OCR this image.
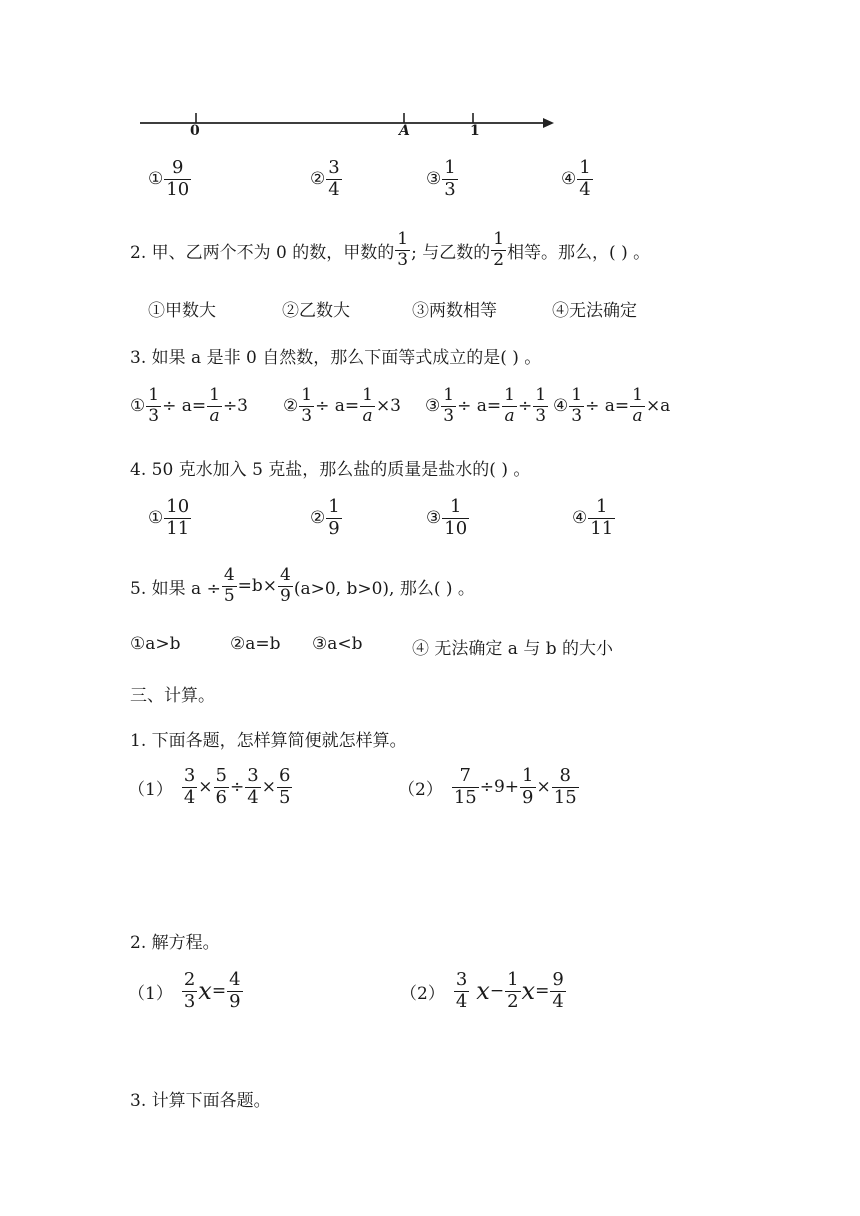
0	A	1
① $\frac{9}{10}$	② $\frac{3}{4}$	③ $\frac{1}{3}$	④ $\frac{1}{4}$
2. 甲、乙两个不为 0 的数，甲数的 $\frac{1}{3}$ ; 与乙数的 $\frac{1}{2}$ 相等。那么，( ) 。
①甲数大	②乙数大	③两数相等	④无法确定
3. 如果 a 是非 0 自然数，那么下面等式成立的是( ) 。
① $\frac{1}{3} \div a= \frac{1}{a} \div 3$ ② $\frac{1}{3} \div a= \frac{1}{a} \times 3$ ③ $\frac{1}{3} \div a= \frac{1}{a} \div \frac{1}{3}$ ④ $\frac{1}{3} \div a= \frac{1}{a} \times a$
4. 50 克水加入 5 克盐，那么盐的质量是盐水的( ) 。
① $\frac{10}{11}$	② $\frac{1}{9}$	③ $\frac{1}{10}$	④ $\frac{1}{11}$
5. 如果 $a \div \frac{4}{5} =b\times \frac{4}{9} (a>0$, b>0), 那么( ) 。
①a>b	②a=b ③a<b	④ 无法确定 a 与 b 的大小
三、计算。
1. 下面各题，怎样算简便就怎样算。
$(1) \frac{3}{4} \times \frac{5}{6} \div \frac{3}{4} \times \frac{6}{5}$	$(2) \frac{7}{15} \div 9+ \frac{1}{9} \times \frac{8}{15}$
2. 解方程。
$(1) \frac{2}{3}$ $x = \frac{4}{9}$	$(2) \frac{3}{4}$ $x - \frac{1}{2}$ $x = \frac{9}{4}$
3. 计算下面各题。
